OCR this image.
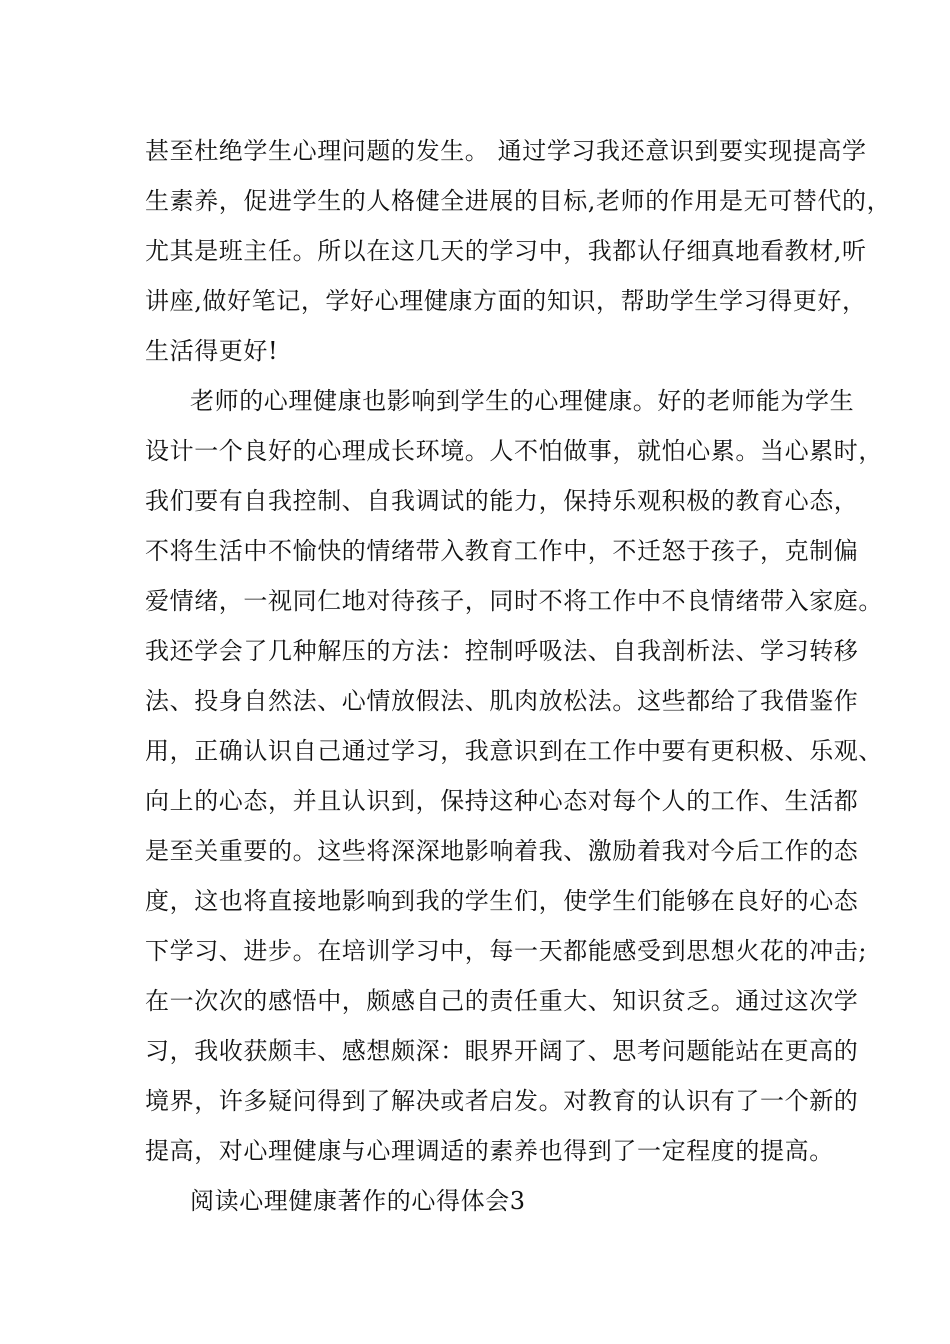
甚至杜绝学生心理问题的发生。 通过学习我还意识到要实现提高学
生素养，促进学生的人格健全进展的目标,老师的作用是无可替代的，
尤其是班主任。所以在这几天的学习中，我都认仔细真地看教材,听
讲座,做好笔记，学好心理健康方面的知识，帮助学生学习得更好，
生活得更好!
老师的心理健康也影响到学生的心理健康。好的老师能为学生
设计一个良好的心理成长环境。人不怕做事，就怕心累。当心累时，
我们要有自我控制、自我调试的能力，保持乐观积极的教育心态，
不将生活中不愉快的情绪带入教育工作中，不迁怒于孩子，克制偏
爱情绪，一视同仁地对待孩子，同时不将工作中不良情绪带入家庭。
我还学会了几种解压的方法：控制呼吸法、自我剖析法、学习转移
法、投身自然法、心情放假法、肌肉放松法。这些都给了我借鉴作
用，正确认识自己通过学习，我意识到在工作中要有更积极、乐观、
向上的心态，并且认识到，保持这种心态对每个人的工作、生活都
是至关重要的。这些将深深地影响着我、激励着我对今后工作的态
度，这也将直接地影响到我的学生们，使学生们能够在良好的心态
下学习、进步。在培训学习中，每一天都能感受到思想火花的冲击;
在一次次的感悟中，颇感自己的责任重大、知识贫乏。通过这次学
习，我收获颇丰、感想颇深：眼界开阔了、思考问题能站在更高的
境界，许多疑问得到了解决或者启发。对教育的认识有了一个新的
提高，对心理健康与心理调适的素养也得到了一定程度的提高。
阅读心理健康著作的心得体会3
